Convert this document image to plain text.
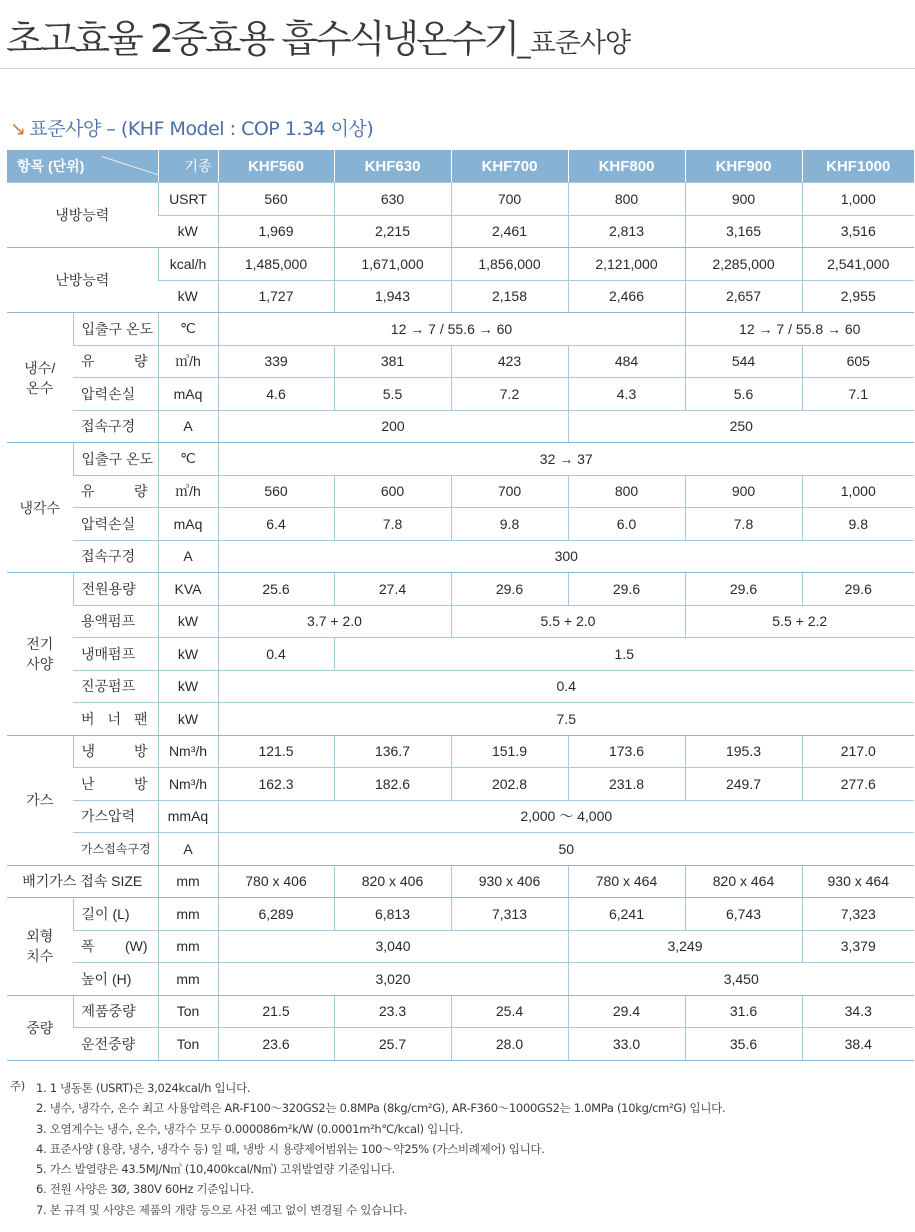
초고효율 2중효용 흡수식냉온수기_표준사양
↘ 표준사양 – (KHF Model : COP 1.34 이상)
항목 (단위)		기종	KHF560	KHF630	KHF700	KHF800	KHF900	KHF1000
냉방능력		USRT	560	630	700	800	900	1,000
		kW	1,969	2,215	2,461	2,813	3,165	3,516
난방능력		kcal/h	1,485,000	1,671,000	1,856,000	2,121,000	2,285,000	2,541,000
		kW	1,727	1,943	2,158	2,466	2,657	2,955
냉수/
온수	입출구 온도	℃	12 → 7 / 55.6 → 60				12 → 7 / 55.8 → 60	
	유 량	㎥/h	339	381	423	484	544	605
	압력손실	mAq	4.6	5.5	7.2	4.3	5.6	7.1
	접속구경	A	200			250		
냉각수	입출구 온도	℃	32 → 37					
	유 량	㎥/h	560	600	700	800	900	1,000
	압력손실	mAq	6.4	7.8	9.8	6.0	7.8	9.8
	접속구경	A	300					
전기
사양	전원용량	KVA	25.6	27.4	29.6	29.6	29.6	29.6
	용액펌프	kW	3.7 + 2.0		5.5 + 2.0		5.5 + 2.2	
	냉매펌프	kW	0.4	1.5				
	진공펌프	kW	0.4					
	버 너 팬	kW	7.5					
가스	냉 방	Nm³/h	121.5	136.7	151.9	173.6	195.3	217.0
	난 방	Nm³/h	162.3	182.6	202.8	231.8	249.7	277.6
	가스압력	mmAq	2,000 ～ 4,000					
	가스접속구경	A	50					
배기가스 접속 SIZE		mm	780 x 406	820 x 406	930 x 406	780 x 464	820 x 464	930 x 464
외형
치수	길이 (L)	mm	6,289	6,813	7,313	6,241	6,743	7,323
	폭 (W)	mm	3,040			3,249		3,379
	높이 (H)	mm	3,020			3,450		
중량	제품중량	Ton	21.5	23.3	25.4	29.4	31.6	34.3
	운전중량	Ton	23.6	25.7	28.0	33.0	35.6	38.4
주) 1. 1 냉동톤 (USRT)은 3,024kcal/h 입니다.
2. 냉수, 냉각수, 온수 최고 사용압력은 AR-F100～320GS2는 0.8MPa (8kg/cm²G), AR-F360～1000GS2는 1.0MPa (10kg/cm²G) 입니다.
3. 오염계수는 냉수, 온수, 냉각수 모두 0.000086m²k/W (0.0001m²h℃/kcal) 입니다.
4. 표준사양 (용량, 냉수, 냉각수 등) 일 때, 냉방 시 용량제어범위는 100～약25% (가스비례제어) 입니다.
5. 가스 발열량은 43.5MJ/N㎥ (10,400kcal/N㎥) 고위발열량 기준입니다.
6. 전원 사양은 3Ø, 380V 60Hz 기준입니다.
7. 본 규격 및 사양은 제품의 개량 등으로 사전 예고 없이 변경될 수 있습니다.
